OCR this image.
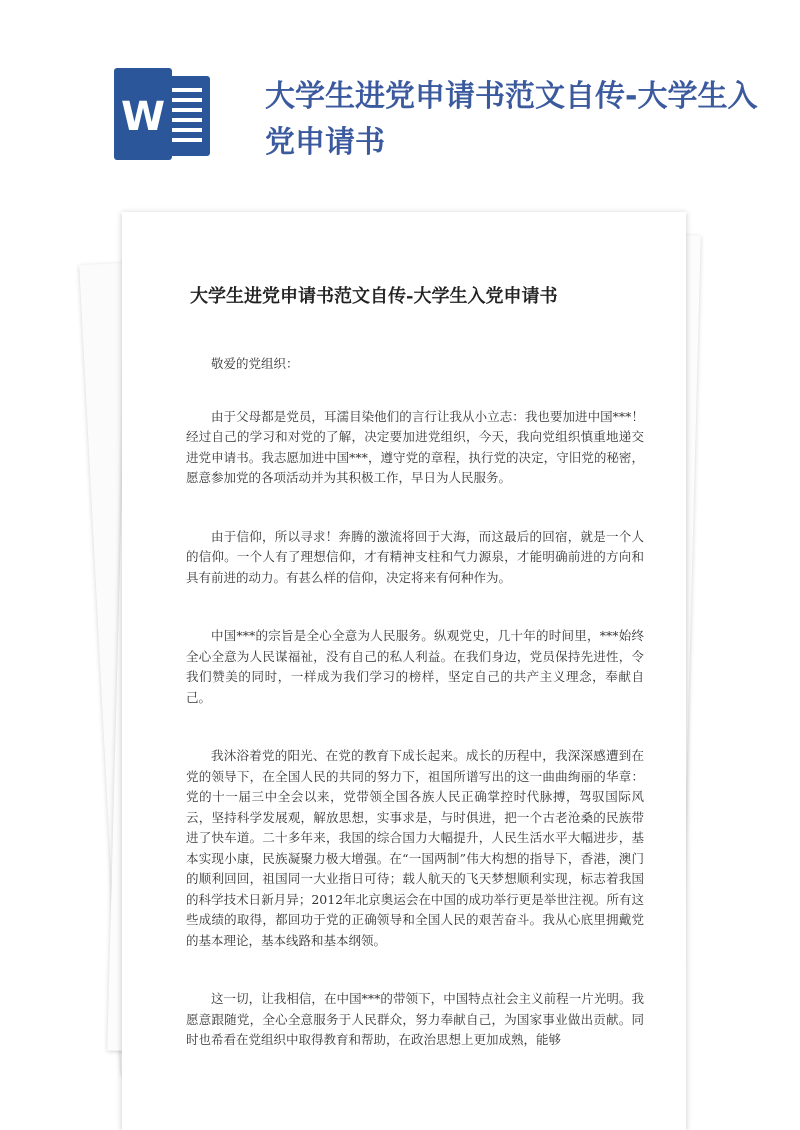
W	大学生进党申请书范文自传-大学生入党申请书
大学生进党申请书范文自传-大学生入党申请书

敬爱的党组织：

由于父母都是党员，耳濡目染他们的言行让我从小立志：我也要加进中国***！经过自己的学习和对党的了解，决定要加进党组织，今天，我向党组织慎重地递交进党申请书。我志愿加进中国***，遵守党的章程，执行党的决定，守旧党的秘密，愿意参加党的各项活动并为其积极工作，早日为人民服务。

由于信仰，所以寻求！奔腾的激流将回于大海，而这最后的回宿，就是一个人的信仰。一个人有了理想信仰，才有精神支柱和气力源泉，才能明确前进的方向和具有前进的动力。有甚么样的信仰，决定将来有何种作为。

中国***的宗旨是全心全意为人民服务。纵观党史，几十年的时间里，***始终全心全意为人民谋福祉，没有自己的私人利益。在我们身边，党员保持先进性，令我们赞美的同时，一样成为我们学习的榜样，坚定自己的共产主义理念，奉献自己。

我沐浴着党的阳光、在党的教育下成长起来。成长的历程中，我深深感遭到在党的领导下，在全国人民的共同的努力下，祖国所谱写出的这一曲曲绚丽的华章：党的十一届三中全会以来，党带领全国各族人民正确掌控时代脉搏，驾驭国际风云，坚持科学发展观，解放思想，实事求是，与时俱进，把一个古老沧桑的民族带进了快车道。二十多年来，我国的综合国力大幅提升，人民生活水平大幅进步，基本实现小康，民族凝聚力极大增强。在“一国两制”伟大构想的指导下，香港，澳门的顺利回回，祖国同一大业指日可待；载人航天的飞天梦想顺利实现，标志着我国的科学技术日新月异；2012年北京奥运会在中国的成功举行更是举世注视。所有这些成绩的取得，都回功于党的正确领导和全国人民的艰苦奋斗。我从心底里拥戴党的基本理论，基本线路和基本纲领。

这一切，让我相信，在中国***的带领下，中国特点社会主义前程一片光明。我愿意跟随党，全心全意服务于人民群众，努力奉献自己，为国家事业做出贡献。同时也希看在党组织中取得教育和帮助，在政治思想上更加成熟，能够
